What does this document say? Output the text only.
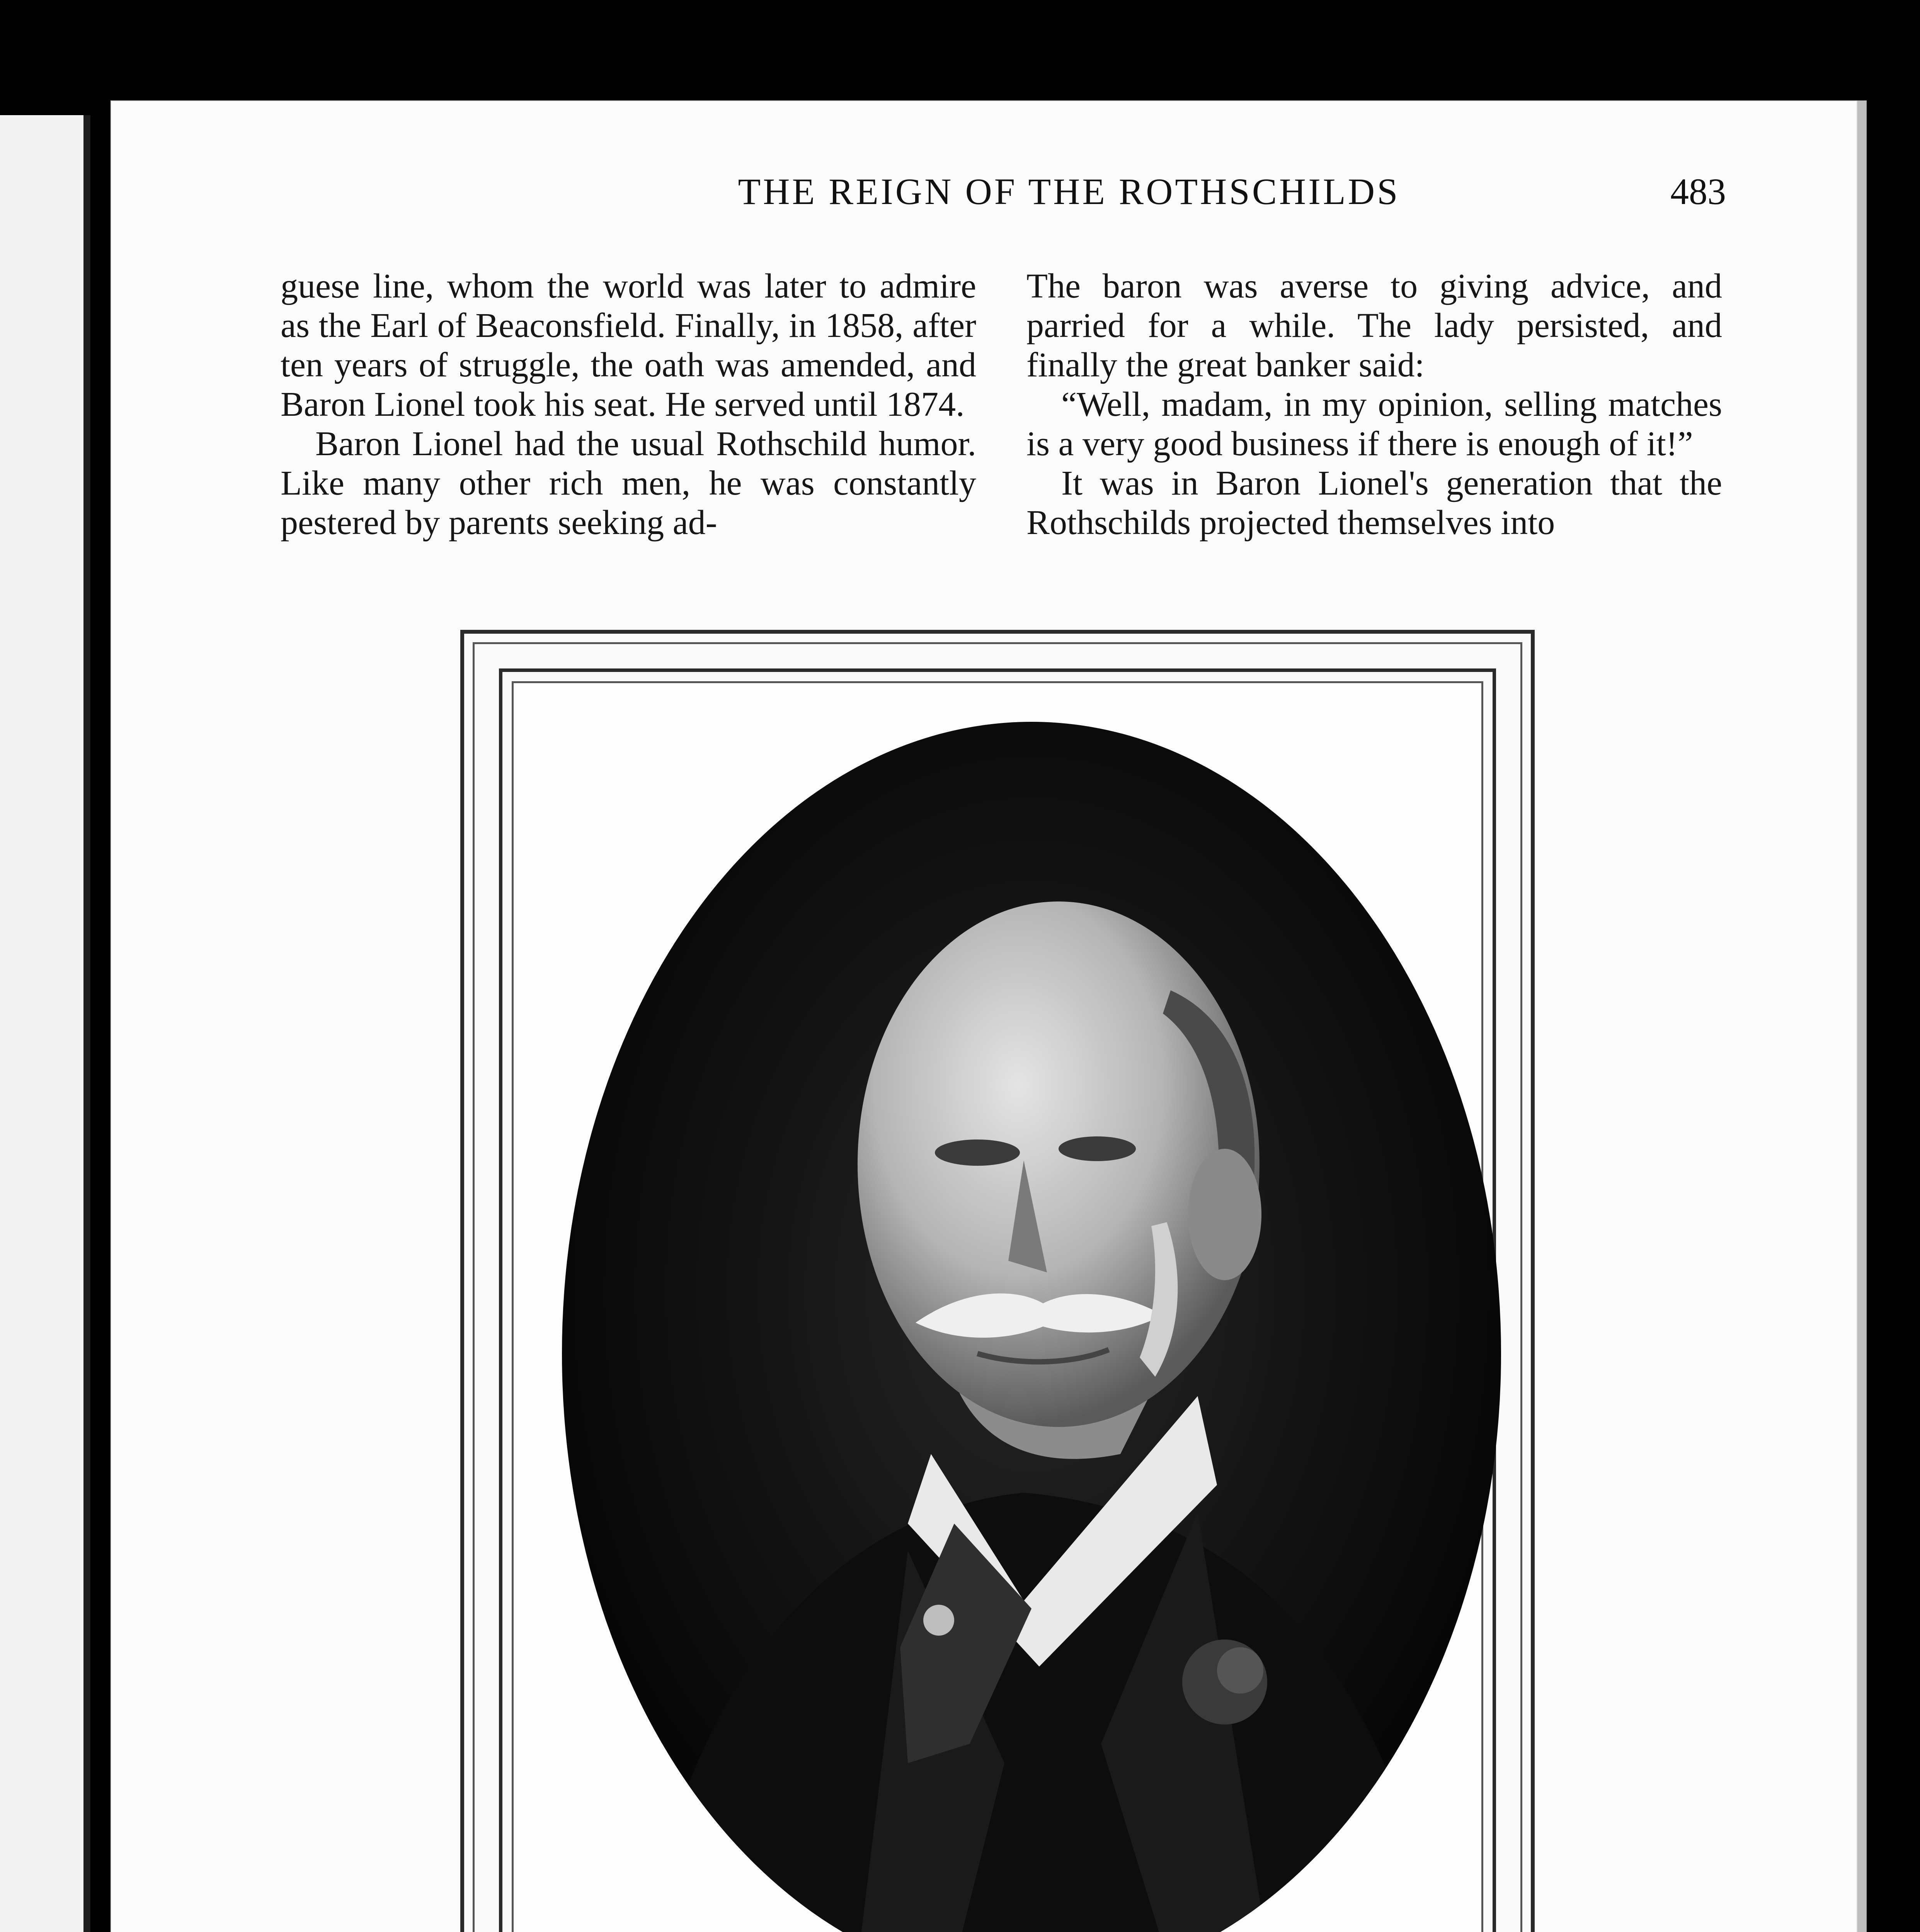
THE REIGN OF THE ROTHSCHILDS	483

guese line, whom the world was later to admire as the Earl of Beaconsfield. Finally, in 1858, after ten years of struggle, the oath was amended, and Baron Lionel took his seat. He served until 1874.

Baron Lionel had the usual Rothschild humor. Like many other rich men, he was constantly pestered by parents seeking ad-

The baron was averse to giving advice, and parried for a while. The lady persisted, and finally the great banker said:

“Well, madam, in my opinion, selling matches is a very good business if there is enough of it!”

It was in Baron Lionel's generation that the Rothschilds projected themselves into
